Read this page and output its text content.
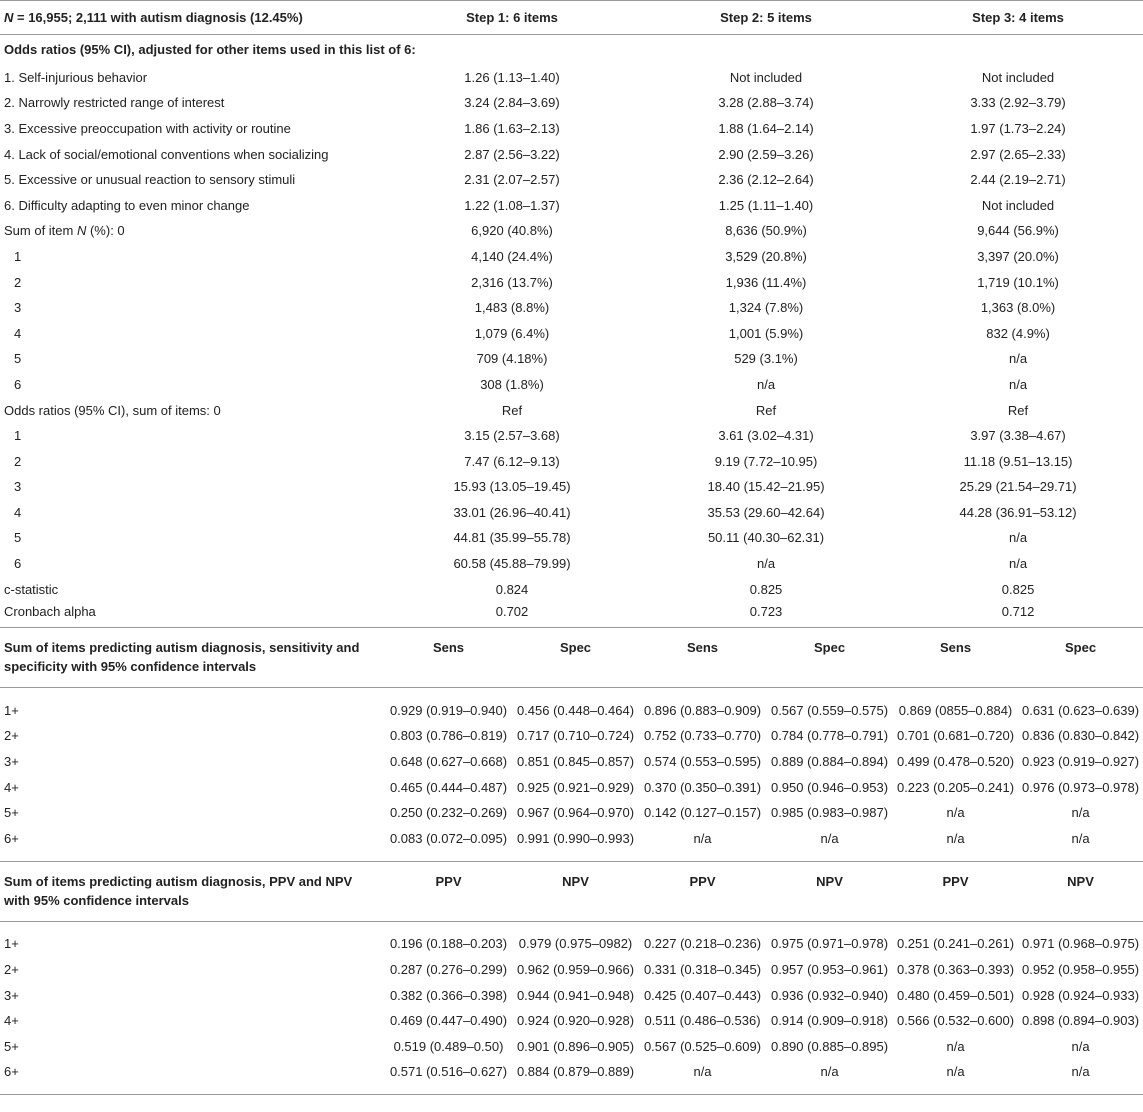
N = 16,955; 2,111 with autism diagnosis (12.45%)	Step 1: 6 items		Step 2: 5 items		Step 3: 4 items	
Odds ratios (95% CI), adjusted for other items used in this list of 6:						
1. Self-injurious behavior	1.26 (1.13–1.40)		Not included		Not included	
2. Narrowly restricted range of interest	3.24 (2.84–3.69)		3.28 (2.88–3.74)		3.33 (2.92–3.79)	
3. Excessive preoccupation with activity or routine	1.86 (1.63–2.13)		1.88 (1.64–2.14)		1.97 (1.73–2.24)	
4. Lack of social/emotional conventions when socializing	2.87 (2.56–3.22)		2.90 (2.59–3.26)		2.97 (2.65–2.33)	
5. Excessive or unusual reaction to sensory stimuli	2.31 (2.07–2.57)		2.36 (2.12–2.64)		2.44 (2.19–2.71)	
6. Difficulty adapting to even minor change	1.22 (1.08–1.37)		1.25 (1.11–1.40)		Not included	
Sum of item N (%): 0	6,920 (40.8%)		8,636 (50.9%)		9,644 (56.9%)	
1	4,140 (24.4%)		3,529 (20.8%)		3,397 (20.0%)	
2	2,316 (13.7%)		1,936 (11.4%)		1,719 (10.1%)	
3	1,483 (8.8%)		1,324 (7.8%)		1,363 (8.0%)	
4	1,079 (6.4%)		1,001 (5.9%)		832 (4.9%)	
5	709 (4.18%)		529 (3.1%)		n/a	
6	308 (1.8%)		n/a		n/a	
Odds ratios (95% CI), sum of items: 0	Ref		Ref		Ref	
1	3.15 (2.57–3.68)		3.61 (3.02–4.31)		3.97 (3.38–4.67)	
2	7.47 (6.12–9.13)		9.19 (7.72–10.95)		11.18 (9.51–13.15)	
3	15.93 (13.05–19.45)		18.40 (15.42–21.95)		25.29 (21.54–29.71)	
4	33.01 (26.96–40.41)		35.53 (29.60–42.64)		44.28 (36.91–53.12)	
5	44.81 (35.99–55.78)		50.11 (40.30–62.31)		n/a	
6	60.58 (45.88–79.99)		n/a		n/a	
c-statistic	0.824		0.825		0.825	
Cronbach alpha	0.702		0.723		0.712	
Sum of items predicting autism diagnosis, sensitivity and specificity with 95% confidence intervals	Sens	Spec	Sens	Spec	Sens	Spec

1+	0.929 (0.919–0.940)	0.456 (0.448–0.464)	0.896 (0.883–0.909)	0.567 (0.559–0.575)	0.869 (0855–0.884)	0.631 (0.623–0.639)
2+	0.803 (0.786–0.819)	0.717 (0.710–0.724)	0.752 (0.733–0.770)	0.784 (0.778–0.791)	0.701 (0.681–0.720)	0.836 (0.830–0.842)
3+	0.648 (0.627–0.668)	0.851 (0.845–0.857)	0.574 (0.553–0.595)	0.889 (0.884–0.894)	0.499 (0.478–0.520)	0.923 (0.919–0.927)
4+	0.465 (0.444–0.487)	0.925 (0.921–0.929)	0.370 (0.350–0.391)	0.950 (0.946–0.953)	0.223 (0.205–0.241)	0.976 (0.973–0.978)
5+	0.250 (0.232–0.269)	0.967 (0.964–0.970)	0.142 (0.127–0.157)	0.985 (0.983–0.987)	n/a	n/a
6+	0.083 (0.072–0.095)	0.991 (0.990–0.993)	n/a	n/a	n/a	n/a

Sum of items predicting autism diagnosis, PPV and NPV with 95% confidence intervals	PPV	NPV	PPV	NPV	PPV	NPV

1+	0.196 (0.188–0.203)	0.979 (0.975–0982)	0.227 (0.218–0.236)	0.975 (0.971–0.978)	0.251 (0.241–0.261)	0.971 (0.968–0.975)
2+	0.287 (0.276–0.299)	0.962 (0.959–0.966)	0.331 (0.318–0.345)	0.957 (0.953–0.961)	0.378 (0.363–0.393)	0.952 (0.958–0.955)
3+	0.382 (0.366–0.398)	0.944 (0.941–0.948)	0.425 (0.407–0.443)	0.936 (0.932–0.940)	0.480 (0.459–0.501)	0.928 (0.924–0.933)
4+	0.469 (0.447–0.490)	0.924 (0.920–0.928)	0.511 (0.486–0.536)	0.914 (0.909–0.918)	0.566 (0.532–0.600)	0.898 (0.894–0.903)
5+	0.519 (0.489–0.50)	0.901 (0.896–0.905)	0.567 (0.525–0.609)	0.890 (0.885–0.895)	n/a	n/a
6+	0.571 (0.516–0.627)	0.884 (0.879–0.889)	n/a	n/a	n/a	n/a
